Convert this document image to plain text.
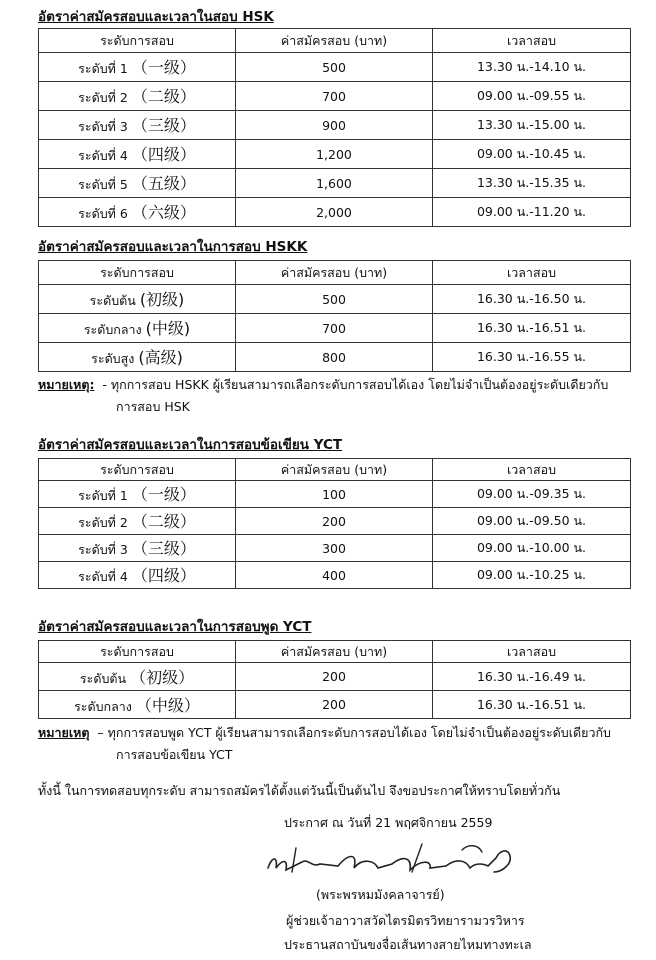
อัตราค่าสมัครสอบและเวลาในสอบ HSK
ระดับการสอบ	ค่าสมัครสอบ (บาท)	เวลาสอบ
ระดับที่ 1 （一级）	500	13.30 น.-14.10 น.
ระดับที่ 2 （二级）	700	09.00 น.-09.55 น.
ระดับที่ 3 （三级）	900	13.30 น.-15.00 น.
ระดับที่ 4 （四级）	1,200	09.00 น.-10.45 น.
ระดับที่ 5 （五级）	1,600	13.30 น.-15.35 น.
ระดับที่ 6 （六级）	2,000	09.00 น.-11.20 น.
อัตราค่าสมัครสอบและเวลาในการสอบ HSKK
ระดับการสอบ	ค่าสมัครสอบ (บาท)	เวลาสอบ
ระดับต้น (初级)	500	16.30 น.-16.50 น.
ระดับกลาง (中级)	700	16.30 น.-16.51 น.
ระดับสูง (高级)	800	16.30 น.-16.55 น.
หมายเหตุ: - ทุกการสอบ HSKK ผู้เรียนสามารถเลือกระดับการสอบได้เอง โดยไม่จำเป็นต้องอยู่ระดับเดียวกับ
การสอบ HSK
อัตราค่าสมัครสอบและเวลาในการสอบข้อเขียน YCT
ระดับการสอบ	ค่าสมัครสอบ (บาท)	เวลาสอบ
ระดับที่ 1 （一级）	100	09.00 น.-09.35 น.
ระดับที่ 2 （二级）	200	09.00 น.-09.50 น.
ระดับที่ 3 （三级）	300	09.00 น.-10.00 น.
ระดับที่ 4 （四级）	400	09.00 น.-10.25 น.
อัตราค่าสมัครสอบและเวลาในการสอบพูด YCT
ระดับการสอบ	ค่าสมัครสอบ (บาท)	เวลาสอบ
ระดับต้น （初级）	200	16.30 น.-16.49 น.
ระดับกลาง （中级）	200	16.30 น.-16.51 น.
หมายเหตุ – ทุกการสอบพูด YCT ผู้เรียนสามารถเลือกระดับการสอบได้เอง โดยไม่จำเป็นต้องอยู่ระดับเดียวกับ
การสอบข้อเขียน YCT
ทั้งนี้ ในการทดสอบทุกระดับ สามารถสมัครได้ตั้งแต่วันนี้เป็นต้นไป จึงขอประกาศให้ทราบโดยทั่วกัน
ประกาศ ณ วันที่ 21 พฤศจิกายน 2559
(พระพรหมมังคลาจารย์)
ผู้ช่วยเจ้าอาวาสวัดไตรมิตรวิทยารามวรวิหาร
ประธานสถาบันขงจื่อเส้นทางสายไหมทางทะเล
